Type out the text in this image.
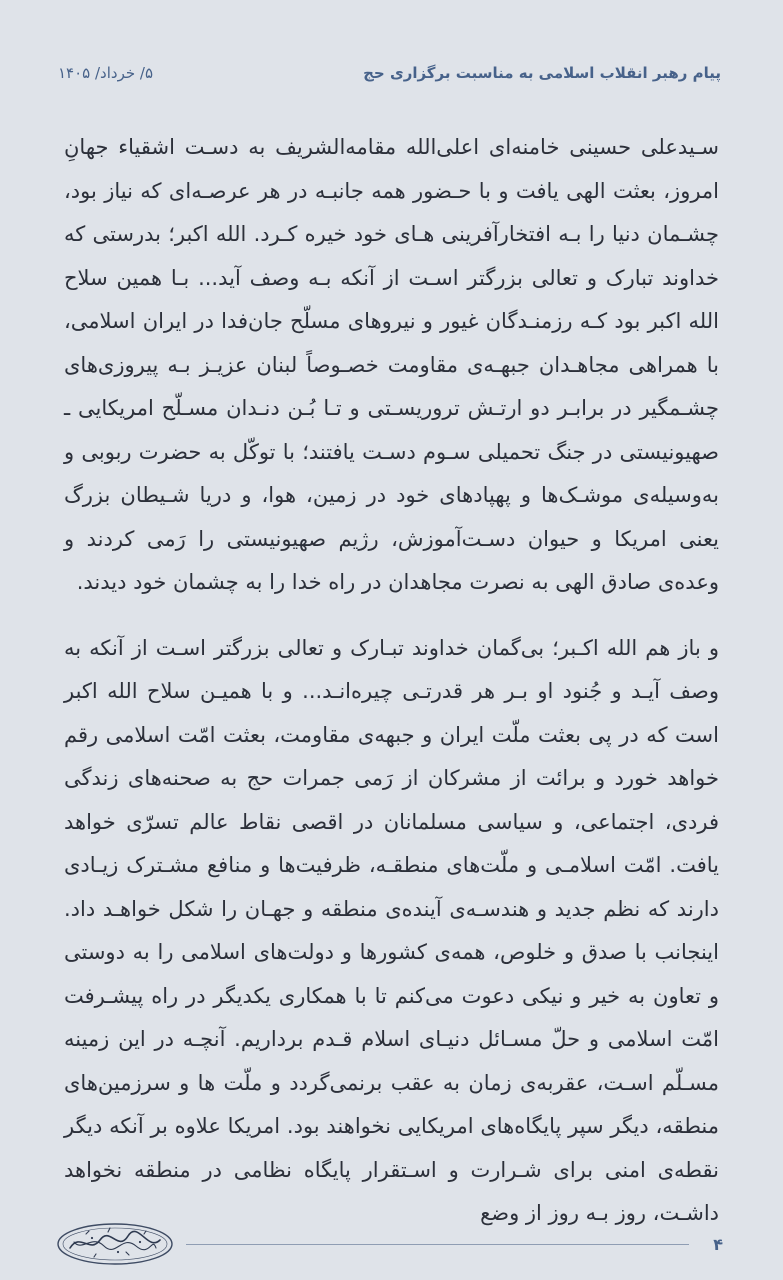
پیام رهبر انقلاب اسلامی به مناسبت برگزاری حج
۵/ خرداد/ ۱۴۰۵

سـیدعلی حسینی خامنه‌ای اعلی‌الله مقامه‌الشریف به دسـت اشقیاء جهانِ امروز، بعثت الهی یافت و با حـضور همه جانبـه در هر عرصـه‌ای که نیاز بود، چشـمان دنیا را بـه افتخارآفرینی هـای خود خیره کـرد. الله اکبر؛ بدرستی که خداوند تبارک و تعالی بزرگتر اسـت از آنکه بـه وصف آید... بـا همین سلاح الله اکبر بود کـه رزمنـدگان غیور و نیروهای مسلّح جان‌فدا در ایران اسلامی، با همراهی مجاهـدان جبهـه‌ی مقاومت خصـوصاً لبنان عزیـز بـه پیروزی‌های چشـمگیر در برابـر دو ارتـش تروریسـتی و تـا بُـن دنـدان مسـلّح امریکایی ـ صهیونیستی در جنگ تحمیلی سـوم دسـت یافتند؛ با توکّل به حضرت ربوبی و به‌وسیله‌ی موشـک‌ها و پهپادهای خود در زمین، هوا، و دریا شـیطان بزرگ یعنی امریکا و حیوان دسـت‌آموزش، رژیم صهیونیستی را رَمی کردند و وعده‌ی صادق الهی به نصرت مجاهدان در راه خدا را به چشمان خود دیدند.

و باز هم الله اکـبر؛ بی‌گمان خداوند تبـارک و تعالی بزرگتر اسـت از آنکه به وصف آیـد و جُنود او بـر هر قدرتـی چیره‌انـد... و با همیـن سلاح الله اکبر است که در پی بعثت ملّت ایران و جبهه‌ی مقاومت، بعثت امّت اسلامی رقم خواهد خورد و برائت از مشرکان از رَمی جمرات حج به صحنه‌های زندگی فردی، اجتماعی، و سیاسی مسلمانان در اقصی نقاط عالم تسرّی خواهد یافت. امّت اسلامـی و ملّت‌های منطقـه، ظرفیت‌ها و منافع مشـترک زیـادی دارند که نظم جدید و هندسـه‌ی آینده‌ی منطقه و جهـان را شکل خواهـد داد. اینجانب با صدق و خلوص، همه‌ی کشورها و دولت‌های اسلامی را به دوستی و تعاون به خیر و نیکی دعوت می‌کنم تا با همکاری یکدیگر در راه پیشـرفت امّت اسلامی و حلّ مسـائل دنیـای اسلام قـدم برداریم. آنچـه در این زمینه مسـلّم اسـت، عقربه‌ی زمان به عقب برنمی‌گردد و ملّت ها و سرزمین‌های منطقه، دیگر سپر پایگاه‌های امریکایی نخواهند بود. امریکا علاوه بر آنکه دیگر نقطه‌ی امنی برای شـرارت و اسـتقرار پایگاه نظامی در منطقه نخواهد داشـت، روز بـه روز از وضع

۴
